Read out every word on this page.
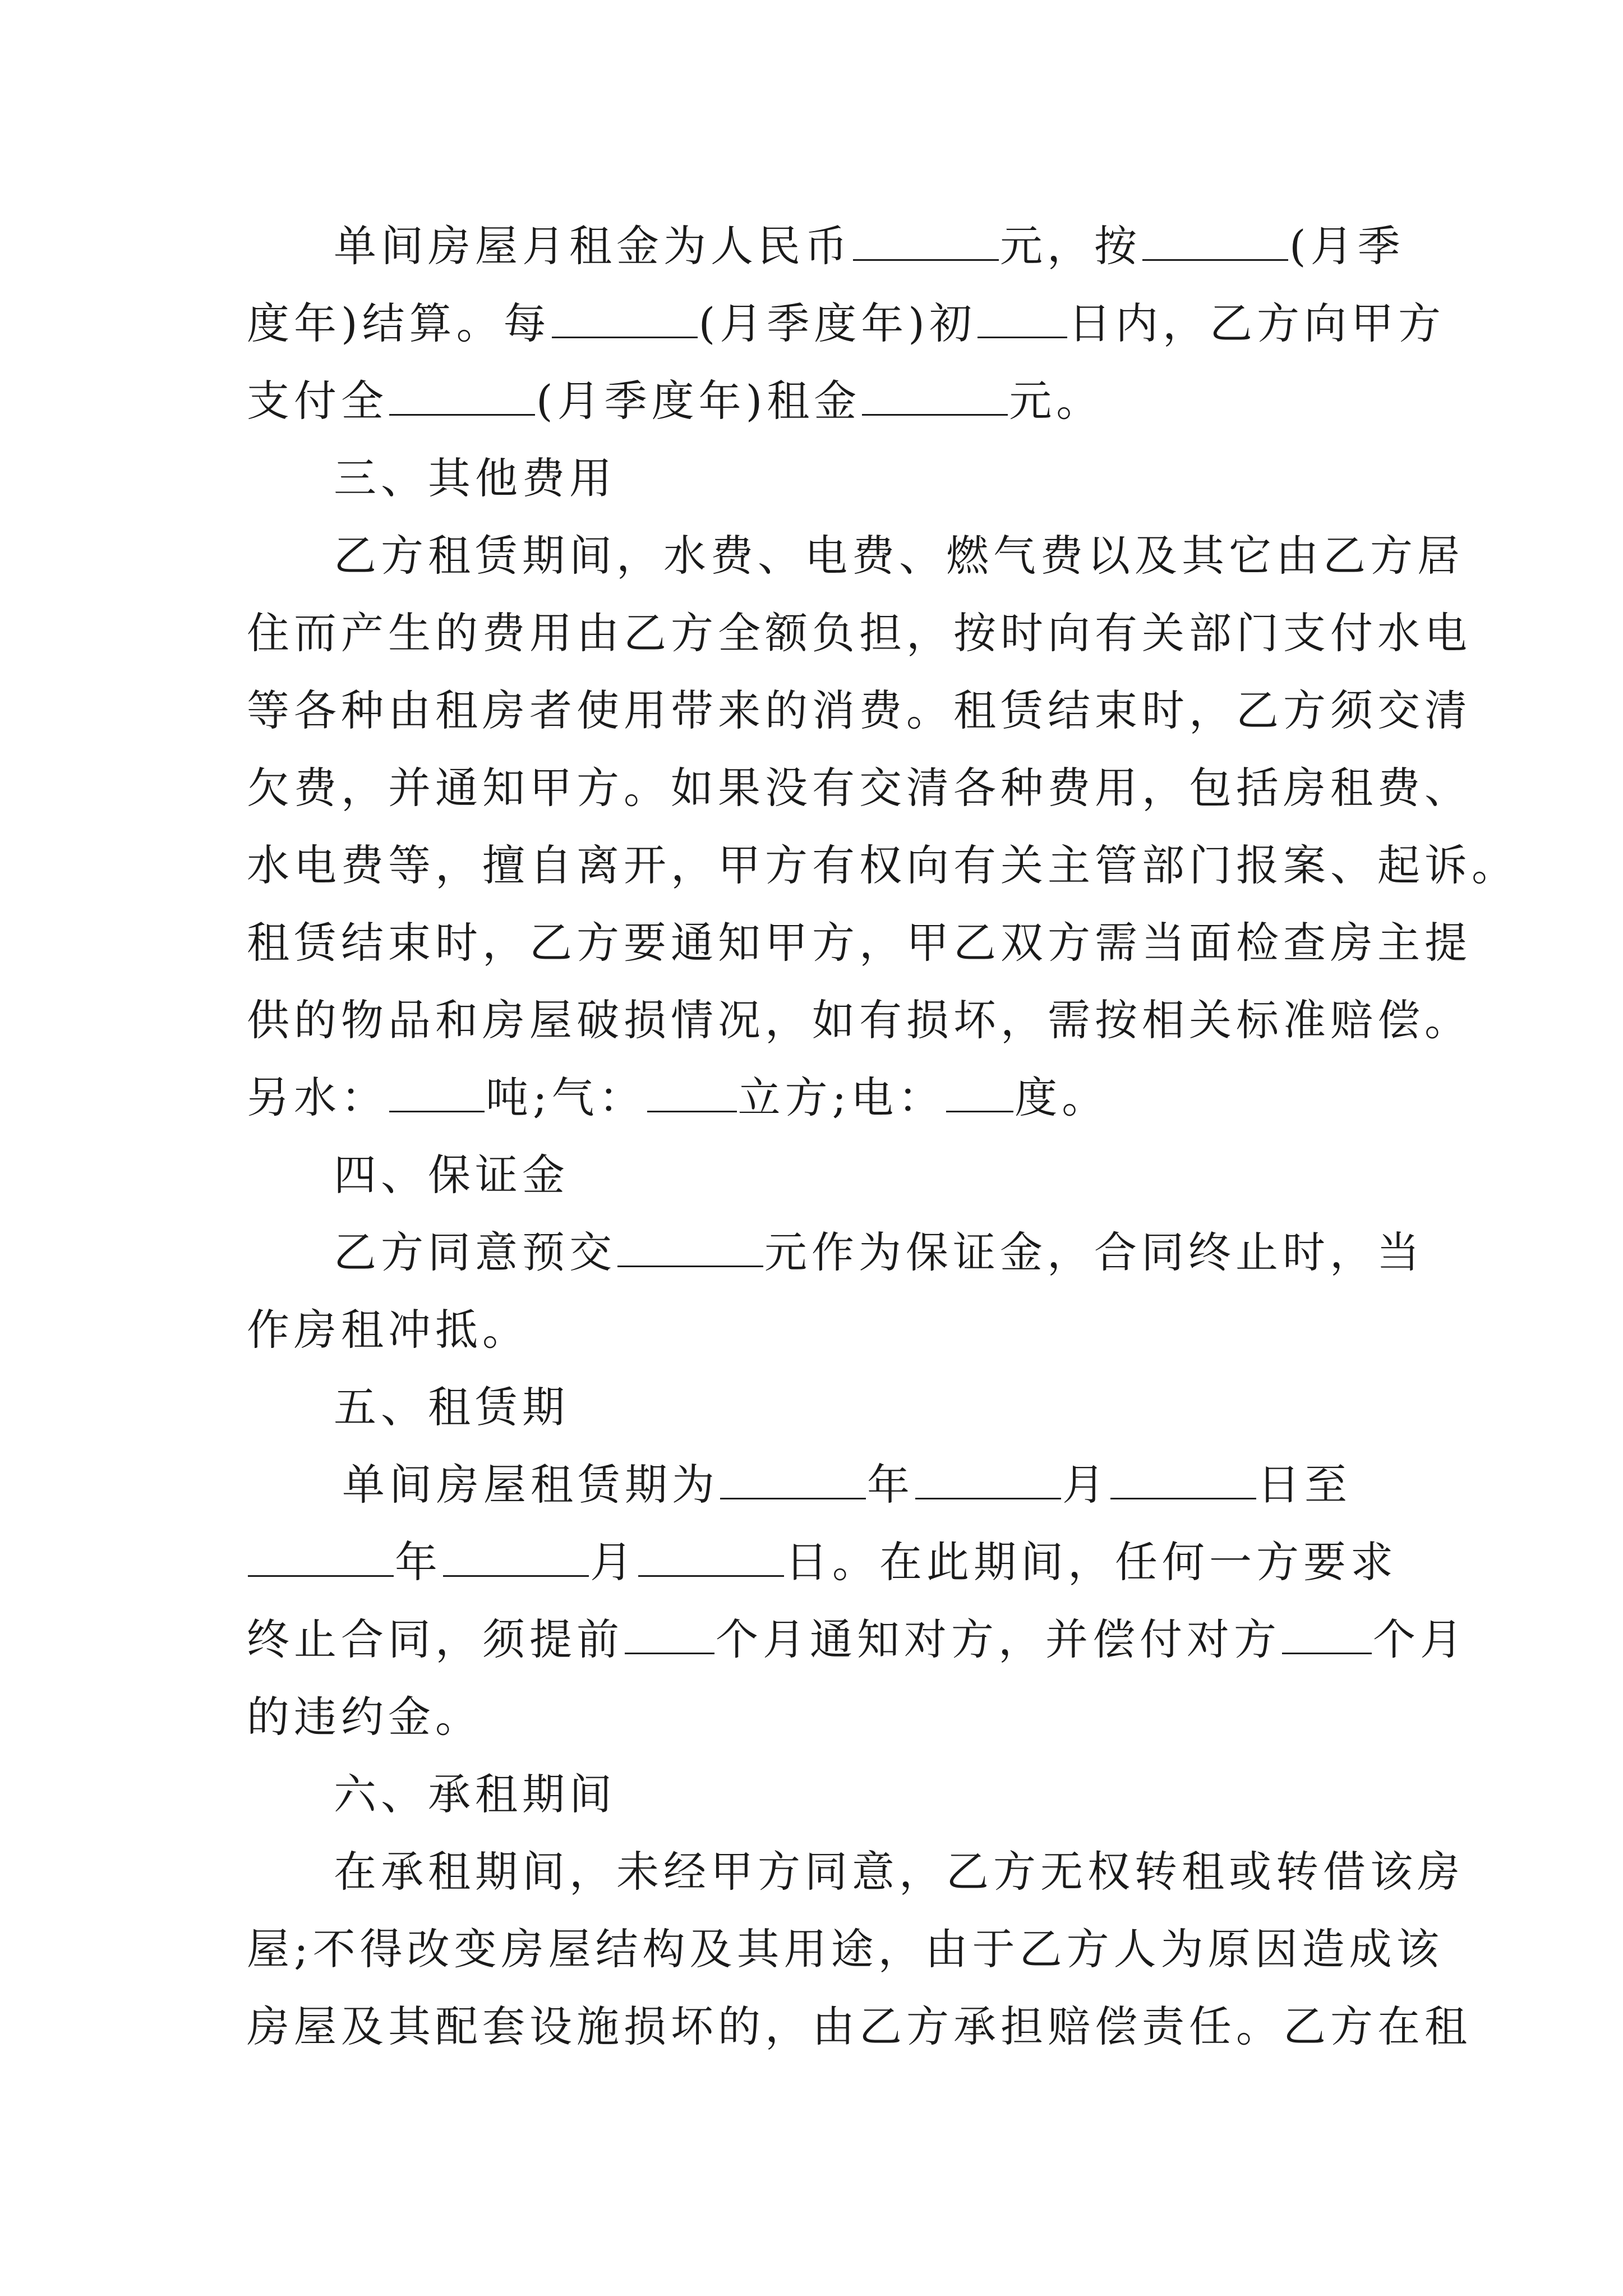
单间房屋月租金为人民币	元，按	(月季
度年)结算。每	(月季度年)初 日内，乙方向甲方
支付全	(月季度年)租金	元。
三、其他费用
乙方租赁期间，水费、电费、燃气费以及其它由乙方居
住而产生的费用由乙方全额负担，按时向有关部门支付水电
等各种由租房者使用带来的消费。租赁结束时，乙方须交清
欠费，并通知甲方。如果没有交清各种费用，包括房租费、
水电费等，擅自离开，甲方有权向有关主管部门报案、起诉。
租赁结束时，乙方要通知甲方，甲乙双方需当面检查房主提
供的物品和房屋破损情况，如有损坏，需按相关标准赔偿。
另水： 吨;气： 立方;电： 度。
四、保证金
乙方同意预交	元作为保证金，合同终止时，当
作房租冲抵。
五、租赁期
单间房屋租赁期为	年	月	日至
年	月	日。在此期间，任何一方要求
终止合同，须提前 个月通知对方，并偿付对方 个月
的违约金。
六、承租期间
在承租期间，未经甲方同意，乙方无权转租或转借该房
屋;不得改变房屋结构及其用途，由于乙方人为原因造成该
房屋及其配套设施损坏的，由乙方承担赔偿责任。乙方在租
